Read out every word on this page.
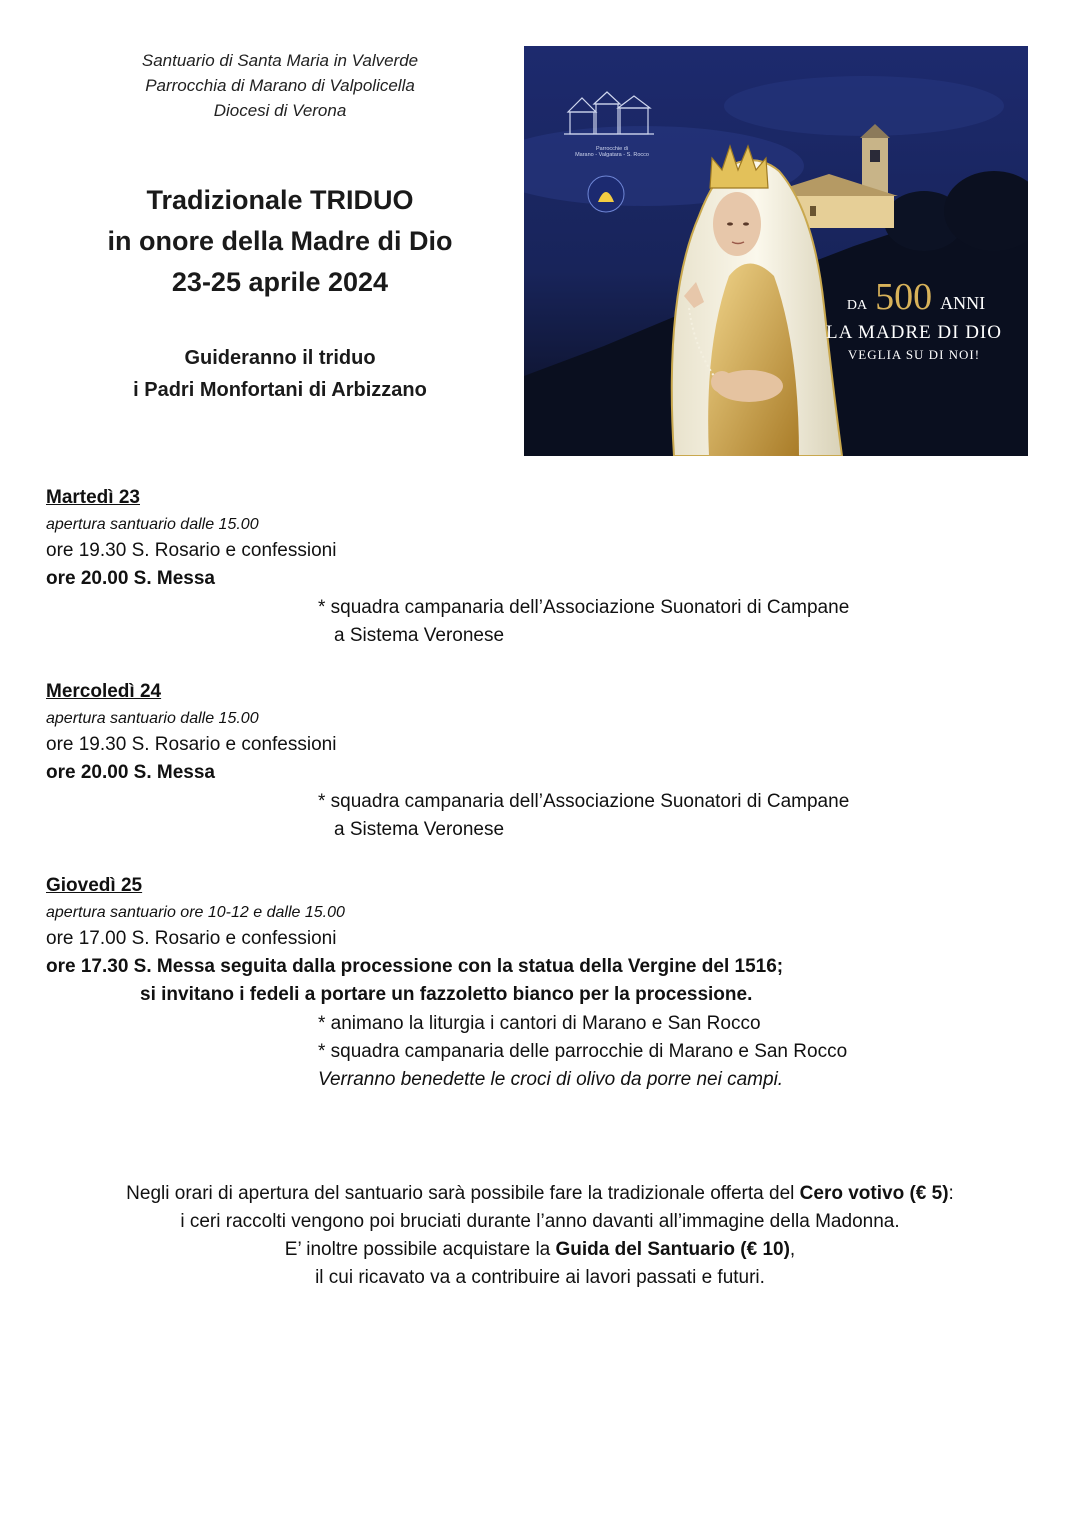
Santuario di Santa Maria in Valverde
Parrocchia di Marano di Valpolicella
Diocesi di Verona
Tradizionale TRIDUO
in onore della Madre di Dio
23-25 aprile 2024
Guideranno il triduo
i Padri Monfortani di Arbizzano
Parrocchie di
Marano - Valgatara - S. Rocco
DA 500 ANNI
LA MADRE DI DIO
VEGLIA SU DI NOI!
Martedì 23
apertura santuario dalle 15.00
ore 19.30 S. Rosario e confessioni
ore 20.00 S. Messa
* squadra campanaria dell’Associazione Suonatori di Campane
a Sistema Veronese
Mercoledì 24
apertura santuario dalle 15.00
ore 19.30 S. Rosario e confessioni
ore 20.00 S. Messa
* squadra campanaria dell’Associazione Suonatori di Campane
a Sistema Veronese
Giovedì 25
apertura santuario ore 10-12 e dalle 15.00
ore 17.00 S. Rosario e confessioni
ore 17.30 S. Messa seguita dalla processione con la statua della Vergine del 1516;
si invitano i fedeli a portare un fazzoletto bianco per la processione.
* animano la liturgia i cantori di Marano e San Rocco
* squadra campanaria delle parrocchie di Marano e San Rocco
Verranno benedette le croci di olivo da porre nei campi.
Negli orari di apertura del santuario sarà possibile fare la tradizionale offerta del Cero votivo (€ 5):
i ceri raccolti vengono poi bruciati durante l’anno davanti all’immagine della Madonna.
E’ inoltre possibile acquistare la Guida del Santuario (€ 10),
il cui ricavato va a contribuire ai lavori passati e futuri.
